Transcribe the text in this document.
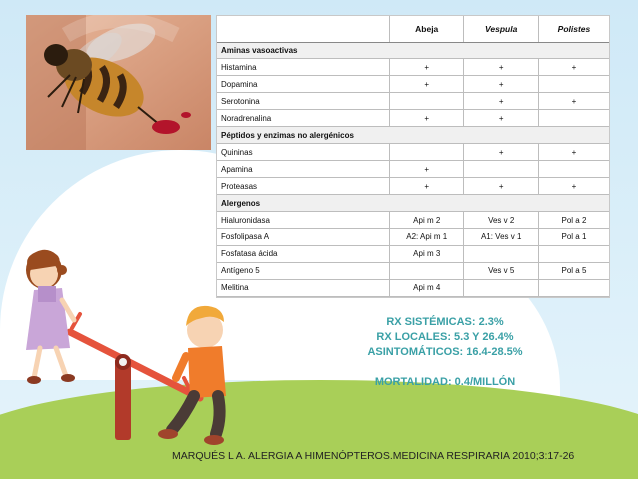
	Abeja	Vespula	Polistes
Aminas vasoactivas			
Histamina	+	+	+
Dopamina	+	+	
Serotonina		+	+
Noradrenalina	+	+	
Péptidos y enzimas no alergénicos			
Quininas		+	+
Apamina	+		
Proteasas	+	+	+
Alergenos			
Hialuronidasa	Api m 2	Ves v 2	Pol a 2
Fosfolipasa A	A2: Api m 1	A1: Ves v 1	Pol a 1
Fosfatasa ácida	Api m 3		
Antígeno 5		Ves v 5	Pol a 5
Melitina	Api m 4		
RX SISTÉMICAS: 2.3%
RX LOCALES: 5.3 Y 26.4%
ASINTOMÁTICOS: 16.4-28.5%
MORTALIDAD: 0.4/MILLÓN
MARQUÉS L A. ALERGIA A HIMENÓPTEROS.MEDICINA RESPIRARIA 2010;3:17-26
